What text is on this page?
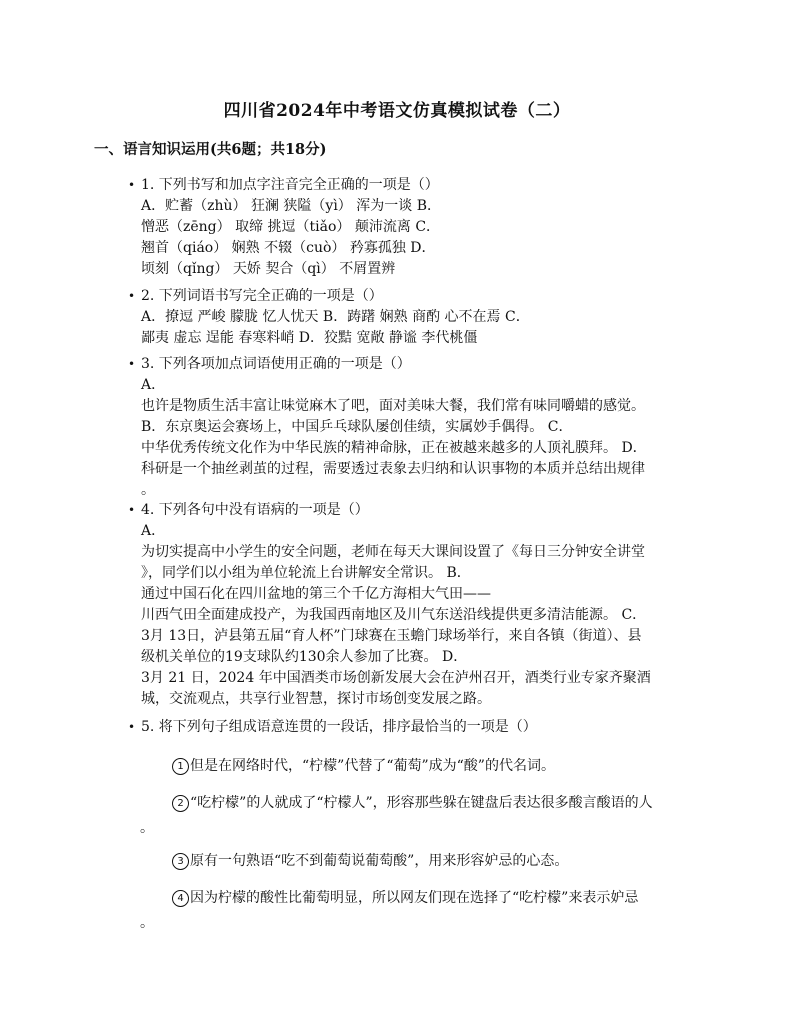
四川省2024年中考语文仿真模拟试卷（二）
一、语言知识运用(共6题；共18分)
• 1. 下列书写和加点字注音完全正确的一项是（）
A．贮蓄（zhù） 狂澜 狭隘（yì） 浑为一谈 B．
憎恶（zēng） 取缔 挑逗（tiǎo） 颠沛流离 C．
翘首（qiáo） 娴熟 不辍（cuò） 矜寡孤独 D．
顷刻（qǐng） 天娇 契合（qì） 不屑置辨
• 2. 下列词语书写完全正确的一项是（）
A．撩逗 严峻 朦胧 忆人忧天 B．踌躇 娴熟 商酌 心不在焉 C．
鄙夷 虚忘 逞能 春寒料峭 D．狡黠 宽敞 静谧 李代桃僵
• 3. 下列各项加点词语使用正确的一项是（）
A．
也许是物质生活丰富让味觉麻木了吧，面对美味大餐，我们常有味同嚼蜡的感觉。
B．东京奥运会赛场上，中国乒乓球队屡创佳绩，实属妙手偶得。 C．
中华优秀传统文化作为中华民族的精神命脉，正在被越来越多的人顶礼膜拜。 D．
科研是一个抽丝剥茧的过程，需要透过表象去归纳和认识事物的本质并总结出规律
。
• 4. 下列各句中没有语病的一项是（）
A．
为切实提高中小学生的安全问题，老师在每天大课间设置了《每日三分钟安全讲堂
》，同学们以小组为单位轮流上台讲解安全常识。 B．
通过中国石化在四川盆地的第三个千亿方海相大气田——
川西气田全面建成投产，为我国西南地区及川气东送沿线提供更多清洁能源。 C．
3月 13日，泸县第五届“育人杯”门球赛在玉蟾门球场举行，来自各镇（街道）、县
级机关单位的19支球队约130余人参加了比赛。 D．
3月 21 日，2024 年中国酒类市场创新发展大会在泸州召开，酒类行业专家齐聚酒
城，交流观点，共享行业智慧，探讨市场创变发展之路。
• 5. 将下列句子组成语意连贯的一段话，排序最恰当的一项是（）
1 但是在网络时代，“柠檬”代替了“葡萄”成为“酸”的代名词。
2 “吃柠檬”的人就成了“柠檬人”，形容那些躲在键盘后表达很多酸言酸语的人
。
3 原有一句熟语“吃不到葡萄说葡萄酸”，用来形容妒忌的心态。
4 因为柠檬的酸性比葡萄明显，所以网友们现在选择了“吃柠檬”来表示妒忌
。
